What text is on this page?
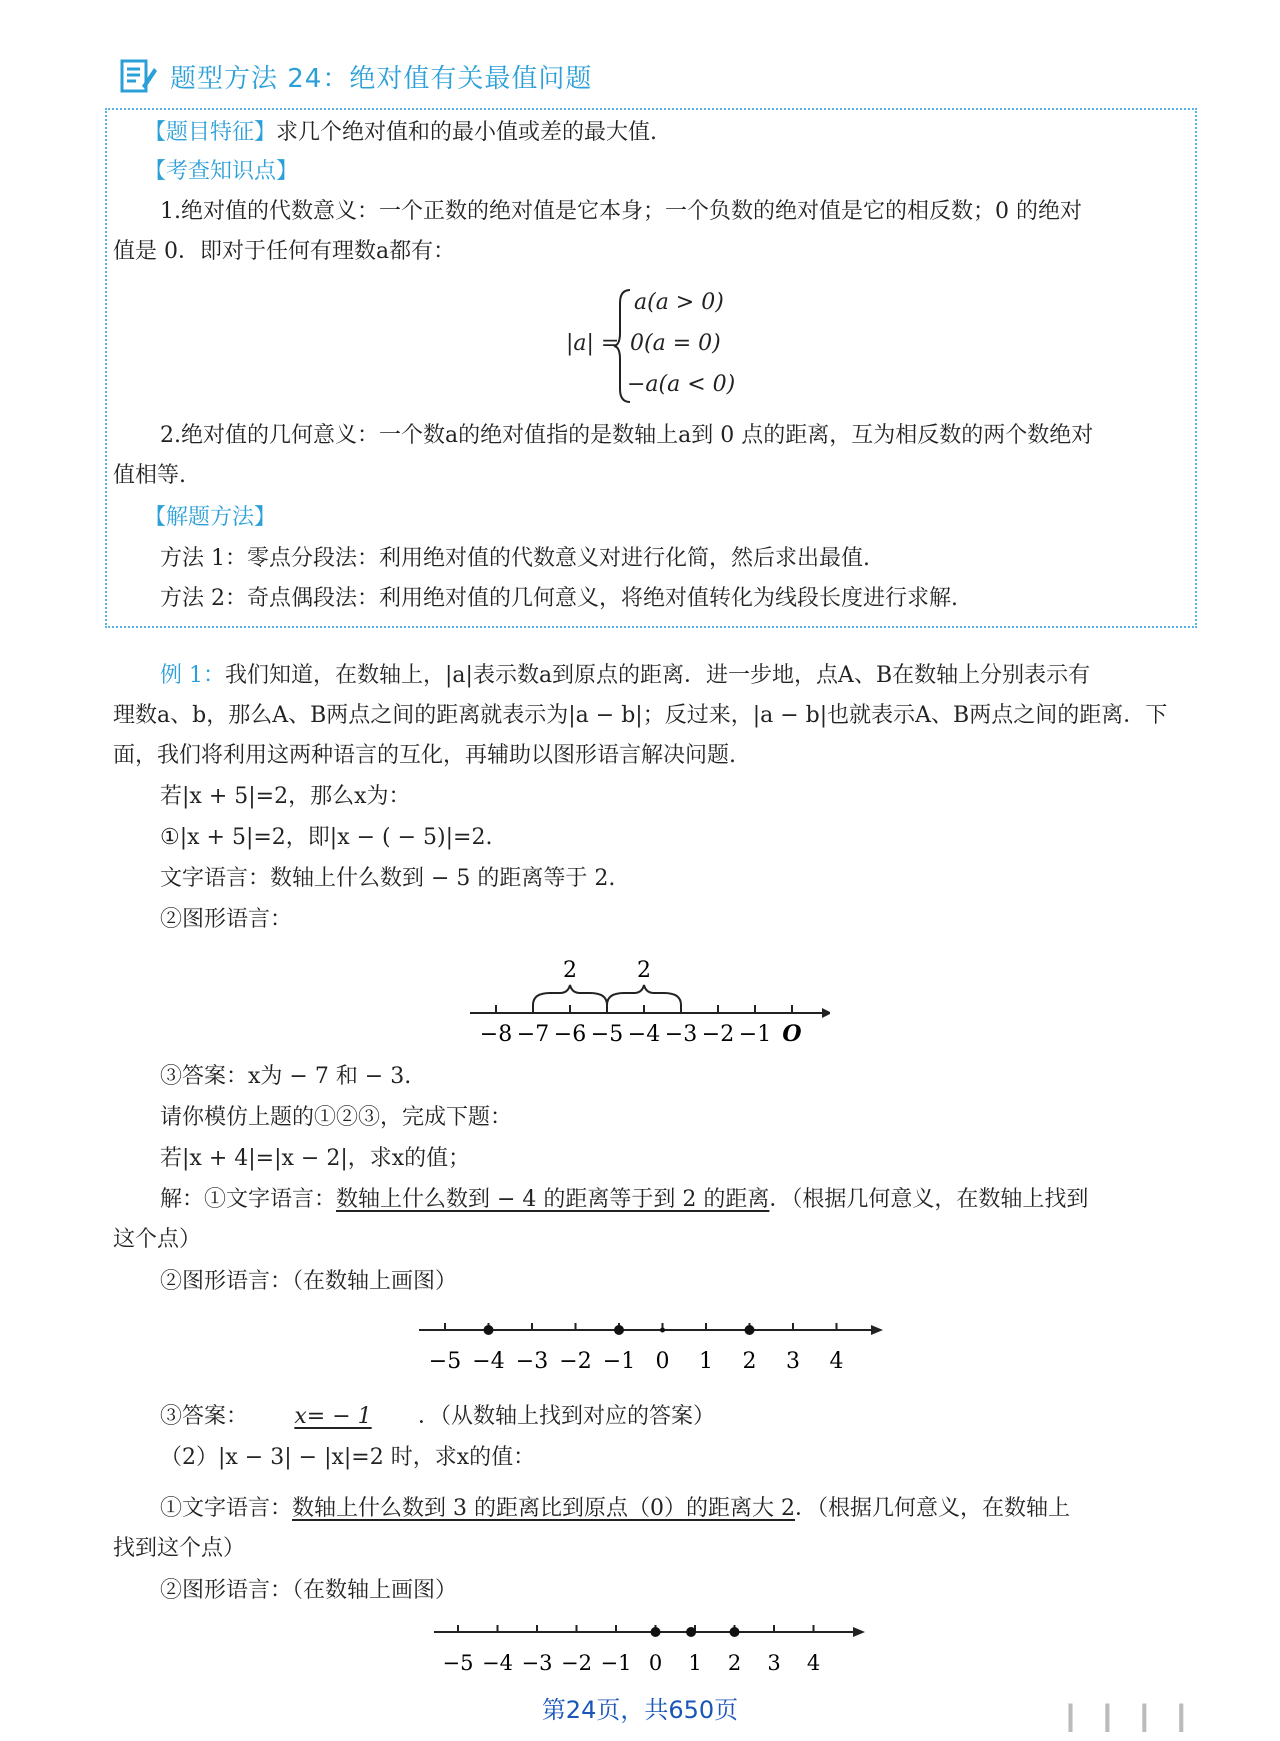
题型方法 24：绝对值有关最值问题
【题目特征】求几个绝对值和的最小值或差的最大值.
【考查知识点】
1.绝对值的代数意义：一个正数的绝对值是它本身；一个负数的绝对值是它的相反数；0 的绝对
值是 0．即对于任何有理数a都有：
|a| =
a(a > 0)
0(a = 0)
−a(a < 0)
2.绝对值的几何意义：一个数a的绝对值指的是数轴上a到 0 点的距离，互为相反数的两个数绝对
值相等.
【解题方法】
方法 1：零点分段法：利用绝对值的代数意义对进行化简，然后求出最值.
方法 2：奇点偶段法：利用绝对值的几何意义，将绝对值转化为线段长度进行求解.
例 1：我们知道，在数轴上，|a|表示数a到原点的距离．进一步地，点A、B在数轴上分别表示有
理数a、b，那么A、B两点之间的距离就表示为|a − b|；反过来，|a − b|也就表示A、B两点之间的距离．下
面，我们将利用这两种语言的互化，再辅助以图形语言解决问题.
若|x + 5|=2，那么x为：
①|x + 5|=2，即|x − ( − 5)|=2.
文字语言：数轴上什么数到 − 5 的距离等于 2.
②图形语言：
−8 −7 −6 −5 −4 −3 −2 −1 O
2	2
③答案：x为 − 7 和 − 3.
请你模仿上题的①②③，完成下题：
若|x + 4|=|x − 2|，求x的值；
解：①文字语言：数轴上什么数到 − 4 的距离等于到 2 的距离．（根据几何意义，在数轴上找到
这个点）
②图形语言：（在数轴上画图）
−5 −4 −3 −2 −1 0 1 2 3 4
③答案： x= − 1 ．（从数轴上找到对应的答案）
（2）|x − 3| − |x|=2 时，求x的值：
①文字语言：数轴上什么数到 3 的距离比到原点（0）的距离大 2．（根据几何意义，在数轴上
找到这个点）
②图形语言：（在数轴上画图）
−5 −4 −3 −2 −1 0 1 2 3 4
第24页，共650页	▕▏▕▏▕▏▕▏
